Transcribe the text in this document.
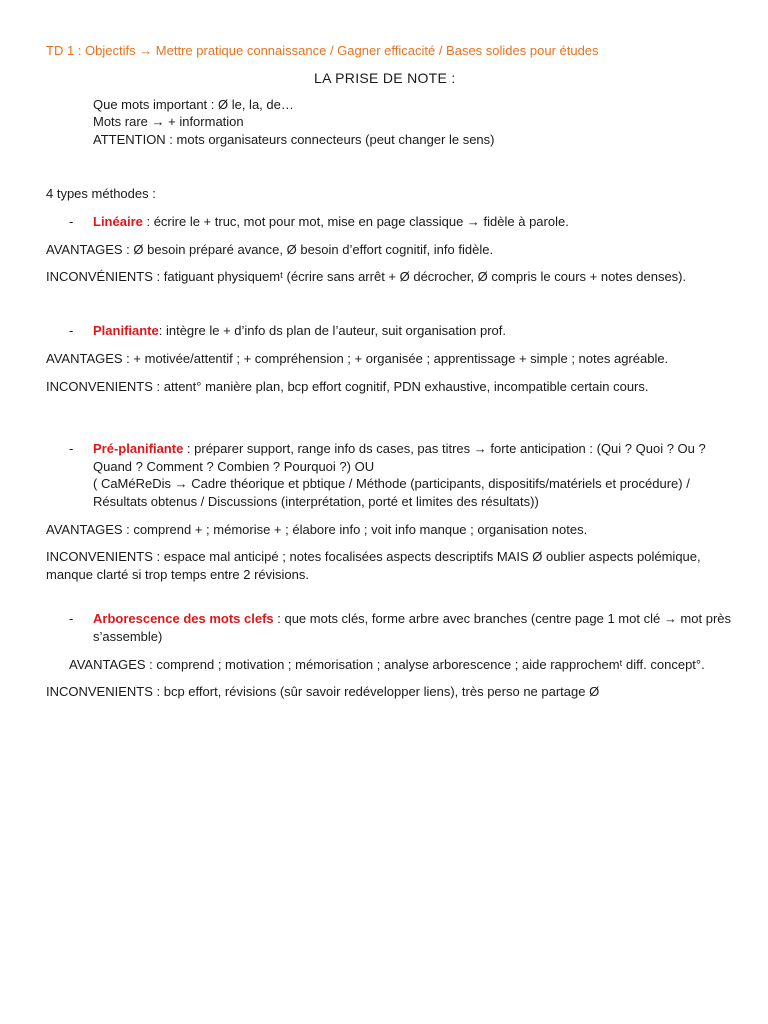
TD 1 : Objectifs → Mettre pratique connaissance / Gagner efficacité / Bases solides pour études
LA PRISE DE NOTE :
Que mots important : Ø le, la, de…
Mots rare → + information
ATTENTION : mots organisateurs connecteurs (peut changer le sens)
4 types méthodes :
- Linéaire : écrire le + truc, mot pour mot, mise en page classique → fidèle à parole.
AVANTAGES : Ø besoin préparé avance, Ø besoin d’effort cognitif, info fidèle.
INCONVÉNIENTS : fatiguant physiquemᵗ (écrire sans arrêt + Ø décrocher, Ø compris le cours + notes denses).
- Planifiante: intègre le + d’info ds plan de l’auteur, suit organisation prof.
AVANTAGES : + motivée/attentif ; + compréhension ; + organisée ; apprentissage + simple ; notes agréable.
INCONVENIENTS : attent° manière plan, bcp effort cognitif, PDN exhaustive, incompatible certain cours.
- Pré-planifiante : préparer support, range info ds cases, pas titres → forte anticipation : (Qui ? Quoi ? Ou ?
Quand ? Comment ? Combien ? Pourquoi ?) OU
( CaMéReDis → Cadre théorique et pbtique / Méthode (participants, dispositifs/matériels et procédure) /
Résultats obtenus / Discussions (interprétation, porté et limites des résultats))
AVANTAGES : comprend + ; mémorise + ; élabore info ; voit info manque ; organisation notes.
INCONVENIENTS : espace mal anticipé ; notes focalisées aspects descriptifs MAIS Ø oublier aspects polémique,
manque clarté si trop temps entre 2 révisions.
- Arborescence des mots clefs : que mots clés, forme arbre avec branches (centre page 1 mot clé → mot près
s’assemble)
AVANTAGES : comprend ; motivation ; mémorisation ; analyse arborescence ; aide rapprochemᵗ diff. concept°.
INCONVENIENTS : bcp effort, révisions (sûr savoir redévelopper liens), très perso ne partage Ø
